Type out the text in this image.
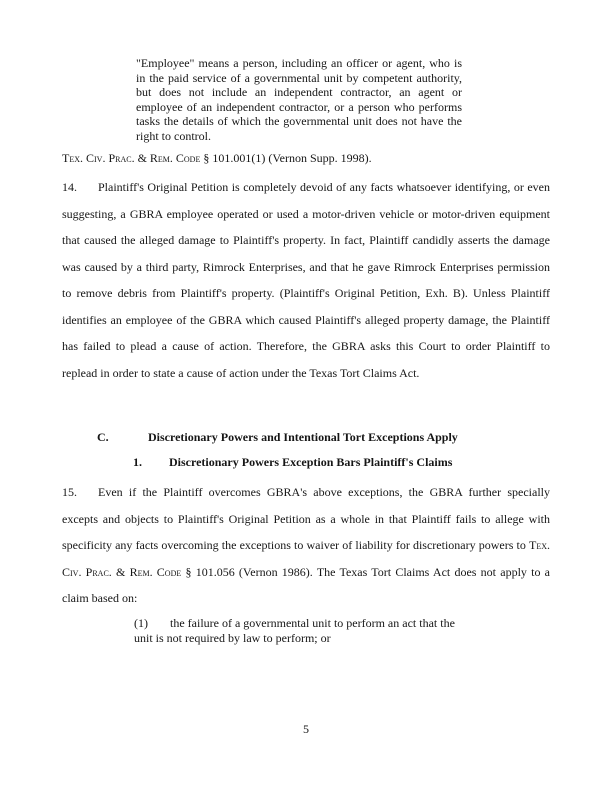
"Employee" means a person, including an officer or agent, who is in the paid service of a governmental unit by competent authority, but does not include an independent contractor, an agent or employee of an independent contractor, or a person who performs tasks the details of which the governmental unit does not have the right to control.
Tex. Civ. Prac. & Rem. Code § 101.001(1) (Vernon Supp. 1998).
14. Plaintiff's Original Petition is completely devoid of any facts whatsoever identifying, or even suggesting, a GBRA employee operated or used a motor-driven vehicle or motor-driven equipment that caused the alleged damage to Plaintiff's property. In fact, Plaintiff candidly asserts the damage was caused by a third party, Rimrock Enterprises, and that he gave Rimrock Enterprises permission to remove debris from Plaintiff's property. (Plaintiff's Original Petition, Exh. B). Unless Plaintiff identifies an employee of the GBRA which caused Plaintiff's alleged property damage, the Plaintiff has failed to plead a cause of action. Therefore, the GBRA asks this Court to order Plaintiff to replead in order to state a cause of action under the Texas Tort Claims Act.
C.	Discretionary Powers and Intentional Tort Exceptions Apply
1. Discretionary Powers Exception Bars Plaintiff's Claims
15. Even if the Plaintiff overcomes GBRA's above exceptions, the GBRA further specially excepts and objects to Plaintiff's Original Petition as a whole in that Plaintiff fails to allege with specificity any facts overcoming the exceptions to waiver of liability for discretionary powers to Tex. Civ. Prac. & Rem. Code § 101.056 (Vernon 1986). The Texas Tort Claims Act does not apply to a claim based on:
(1) the failure of a governmental unit to perform an act that the unit is not required by law to perform; or
5
